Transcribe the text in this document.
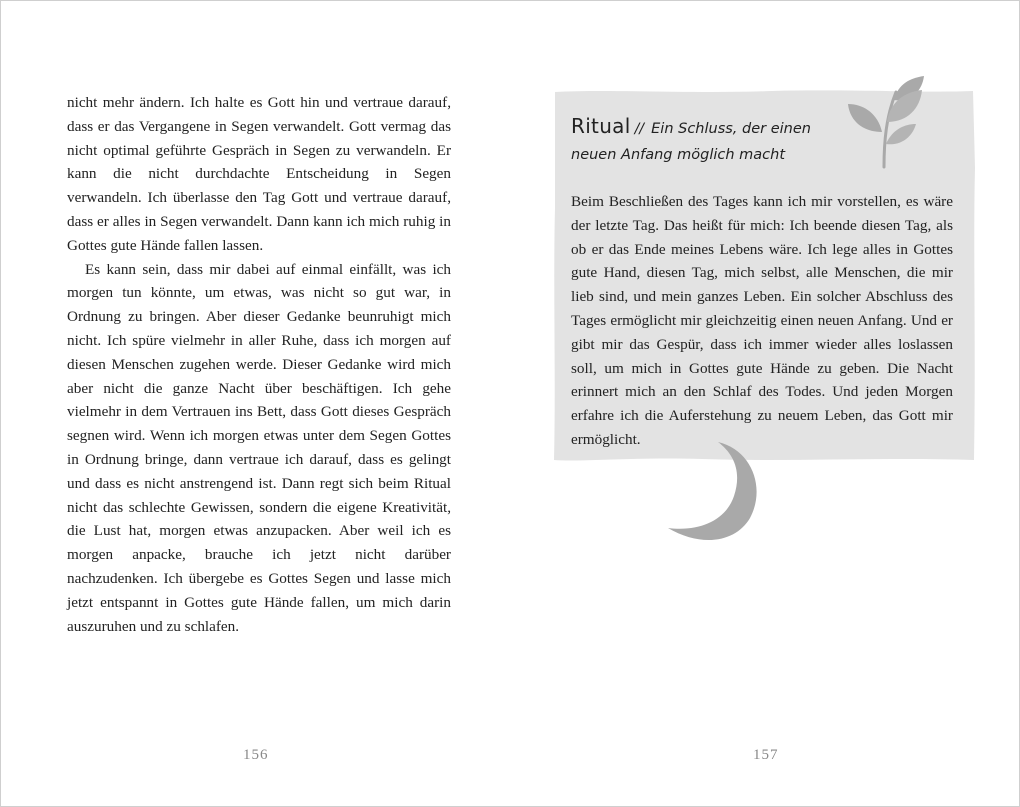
nicht mehr ändern. Ich halte es Gott hin und vertraue darauf, dass er das Vergangene in Segen verwandelt. Gott vermag das nicht optimal geführte Gespräch in Segen zu verwandeln. Er kann die nicht durchdachte Entscheidung in Segen verwandeln. Ich überlasse den Tag Gott und vertraue darauf, dass er alles in Segen verwandelt. Dann kann ich mich ruhig in Gottes gute Hände fallen lassen.

Es kann sein, dass mir dabei auf einmal einfällt, was ich morgen tun könnte, um etwas, was nicht so gut war, in Ordnung zu bringen. Aber dieser Gedanke beunruhigt mich nicht. Ich spüre vielmehr in aller Ruhe, dass ich morgen auf diesen Menschen zugehen werde. Dieser Gedanke wird mich aber nicht die ganze Nacht über beschäftigen. Ich gehe vielmehr in dem Vertrauen ins Bett, dass Gott dieses Gespräch segnen wird. Wenn ich morgen etwas unter dem Segen Gottes in Ordnung bringe, dann vertraue ich darauf, dass es gelingt und dass es nicht anstrengend ist. Dann regt sich beim Ritual nicht das schlechte Gewissen, sondern die eigene Kreativität, die Lust hat, morgen etwas anzupacken. Aber weil ich es morgen anpacke, brauche ich jetzt nicht darüber nachzudenken. Ich übergebe es Gottes Segen und lasse mich jetzt entspannt in Gottes gute Hände fallen, um mich darin auszuruhen und zu schlafen.

156
Ritual // Ein Schluss, der einen
neuen Anfang möglich macht

Beim Beschließen des Tages kann ich mir vorstellen, es wäre der letzte Tag. Das heißt für mich: Ich beende diesen Tag, als ob er das Ende meines Lebens wäre. Ich lege alles in Gottes gute Hand, diesen Tag, mich selbst, alle Menschen, die mir lieb sind, und mein ganzes Leben. Ein solcher Abschluss des Tages ermöglicht mir gleichzeitig einen neuen Anfang. Und er gibt mir das Gespür, dass ich immer wieder alles loslassen soll, um mich in Gottes gute Hände zu geben. Die Nacht erinnert mich an den Schlaf des Todes. Und jeden Morgen erfahre ich die Auferstehung zu neuem Leben, das Gott mir ermöglicht.

157
